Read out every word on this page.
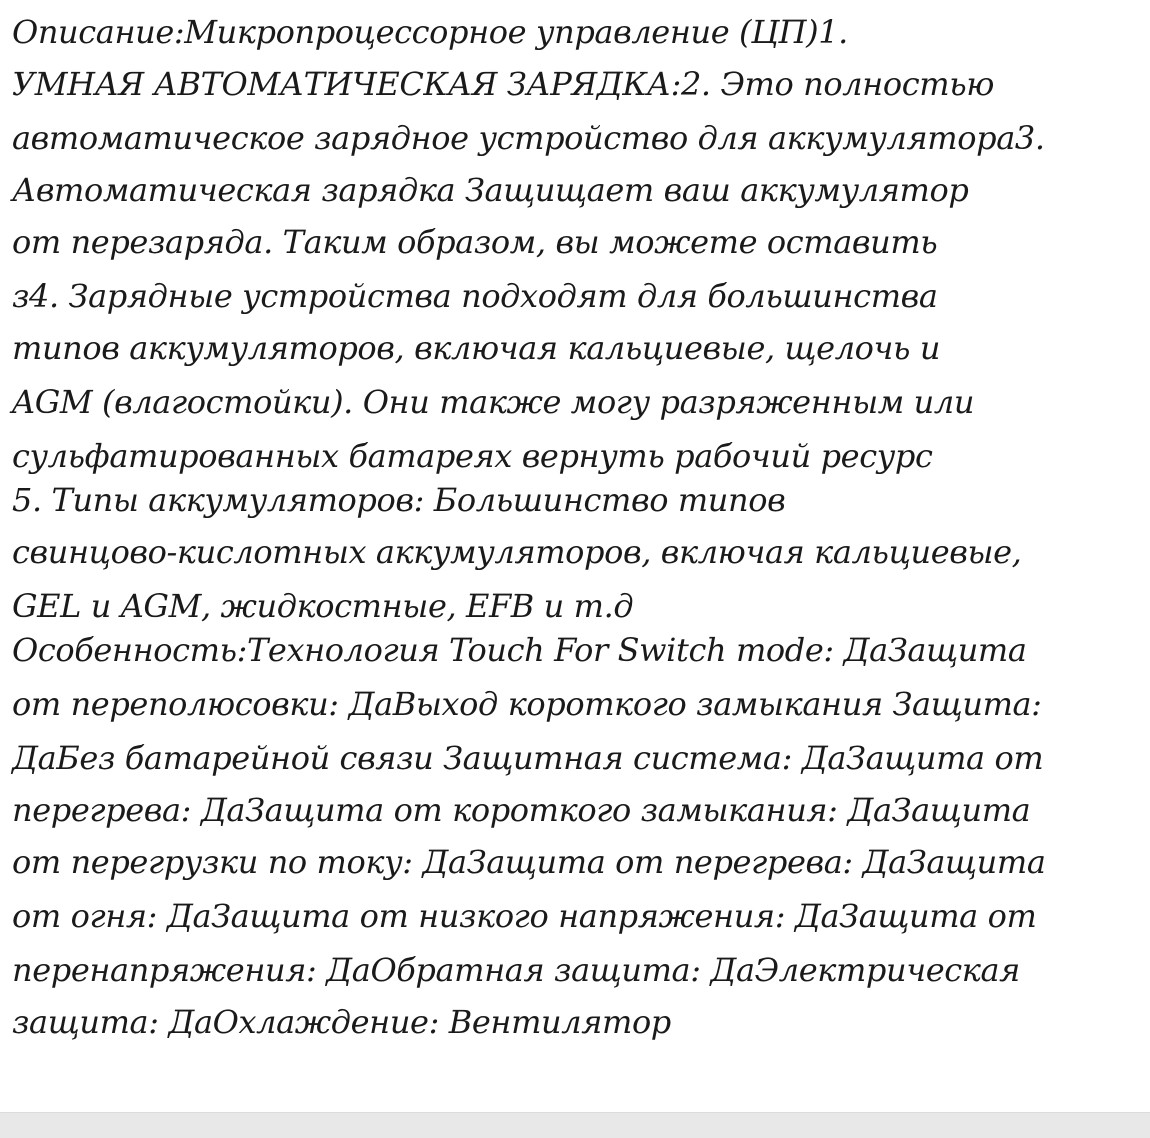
Описание:Микропроцессорное управление (ЦП)1.
УМНАЯ АВТОМАТИЧЕСКАЯ ЗАРЯДКА:2. Это полностью
автоматическое зарядное устройство для аккумулятора3.
Автоматическая зарядка Защищает ваш аккумулятор
от перезаряда. Таким образом, вы можете оставить
з4. Зарядные устройства подходят для большинства
типов аккумуляторов, включая кальциевые, щелочь и
AGM (влагостойки). Они также могу разряженным или
сульфатированных батареях вернуть рабочий ресурс
5. Типы аккумуляторов: Большинство типов
свинцово-кислотных аккумуляторов, включая кальциевые,
GEL и AGM, жидкостные, EFB и т.д
Особенность:Технология Touch For Switch mode: ДаЗащита
от переполюсовки: ДаВыход короткого замыкания Защита:
ДаБез батарейной связи Защитная система: ДаЗащита от
перегрева: ДаЗащита от короткого замыкания: ДаЗащита
от перегрузки по току: ДаЗащита от перегрева: ДаЗащита
от огня: ДаЗащита от низкого напряжения: ДаЗащита от
перенапряжения: ДаОбратная защита: ДаЭлектрическая
защита: ДаОхлаждение: Вентилятор
